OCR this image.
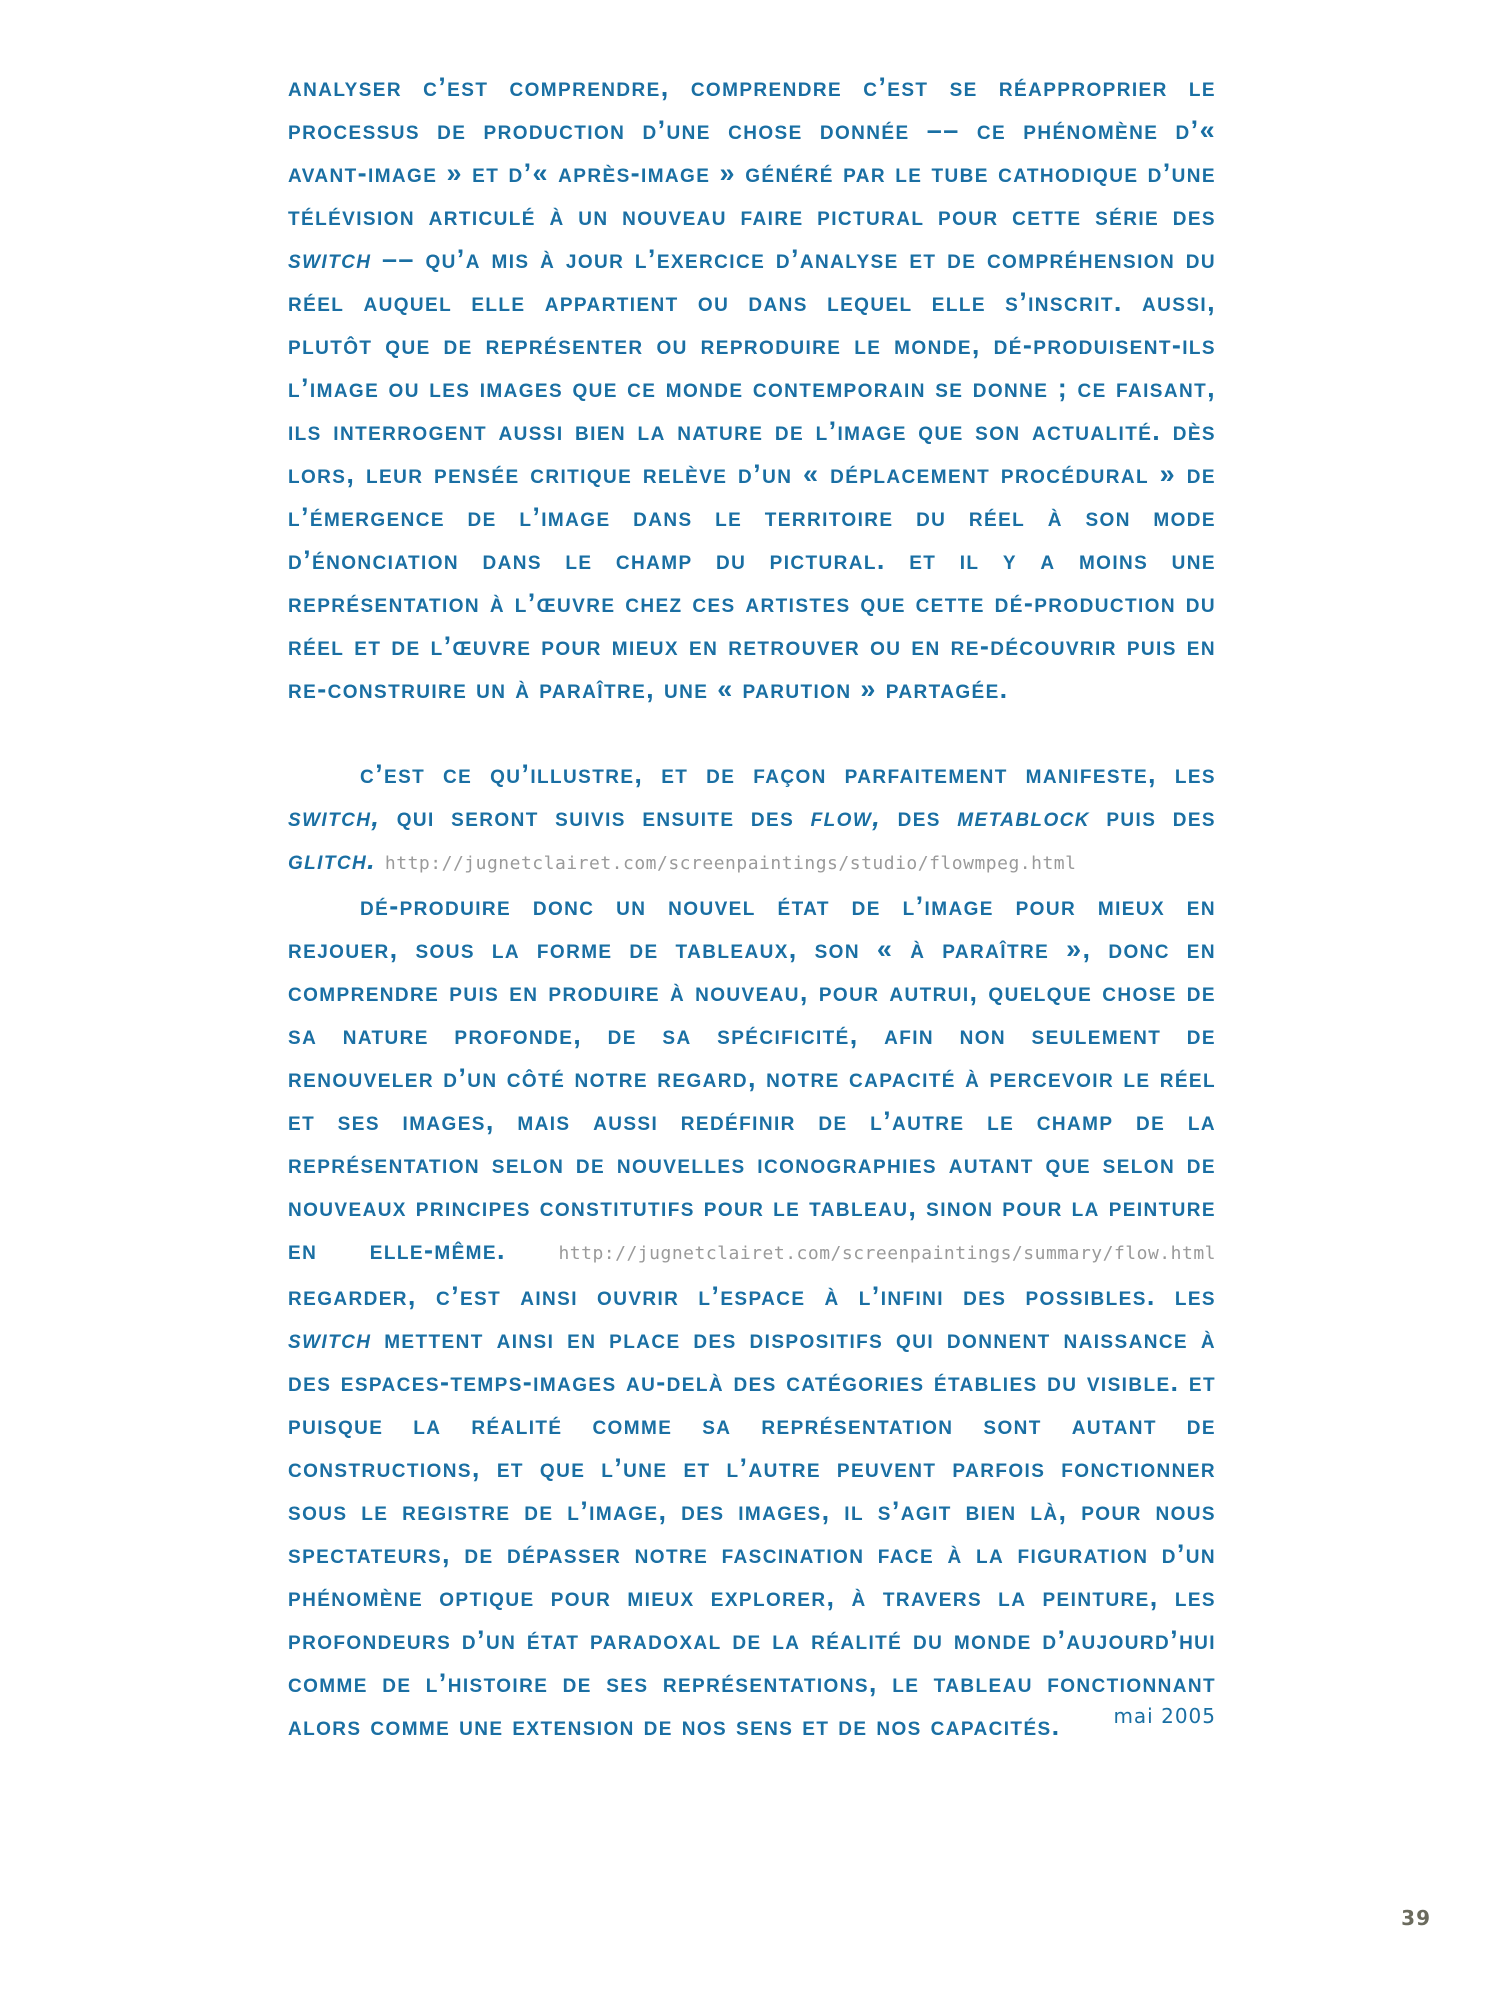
analyser c’est comprendre, comprendre c’est se réapproprier le processus de production d’une chose donnée –– ce phénomène d’« avant-image » et d’« après-image » généré par le tube cathodique d’une télévision articulé à un nouveau faire pictural pour cette série des switch –– qu’a mis à jour l’exercice d’analyse et de compréhension du réel auquel elle appartient ou dans lequel elle s’inscrit. aussi, plutôt que de représenter ou reproduire le monde, dé-produisent-ils l’image ou les images que ce monde contemporain se donne ; ce faisant, ils interrogent aussi bien la nature de l’image que son actualité. dès lors, leur pensée critique relève d’un « déplacement procédural » de l’émergence de l’image dans le territoire du réel à son mode d’énonciation dans le champ du pictural. et il y a moins une représentation à l’œuvre chez ces artistes que cette dé-production du réel et de l’œuvre pour mieux en retrouver ou en re-découvrir puis en re-construire un à paraître, une « parution » partagée.

c’est ce qu’illustre, et de façon parfaitement manifeste, les switch, qui seront suivis ensuite des flow, des metablock puis des glitch. http://jugnetclairet.com/screenpaintings/studio/flowmpeg.html

dé-produire donc un nouvel état de l’image pour mieux en rejouer, sous la forme de tableaux, son « à paraître », donc en comprendre puis en produire à nouveau, pour autrui, quelque chose de sa nature profonde, de sa spécificité, afin non seulement de renouveler d’un côté notre regard, notre capacité à percevoir le réel et ses images, mais aussi redéfinir de l’autre le champ de la représentation selon de nouvelles iconographies autant que selon de nouveaux principes constitutifs pour le tableau, sinon pour la peinture en elle-même. http://jugnetclairet.com/screenpaintings/summary/flow.html regarder, c’est ainsi ouvrir l’espace à l’infini des possibles. les switch mettent ainsi en place des dispositifs qui donnent naissance à des espaces-temps-images au-delà des catégories établies du visible. et puisque la réalité comme sa représentation sont autant de constructions, et que l’une et l’autre peuvent parfois fonctionner sous le registre de l’image, des images, il s’agit bien là, pour nous spectateurs, de dépasser notre fascination face à la figuration d’un phénomène optique pour mieux explorer, à travers la peinture, les profondeurs d’un état paradoxal de la réalité du monde d’aujourd’hui comme de l’histoire de ses représentations, le tableau fonctionnant alors comme une extension de nos sens et de nos capacités.	mai 2005
39
